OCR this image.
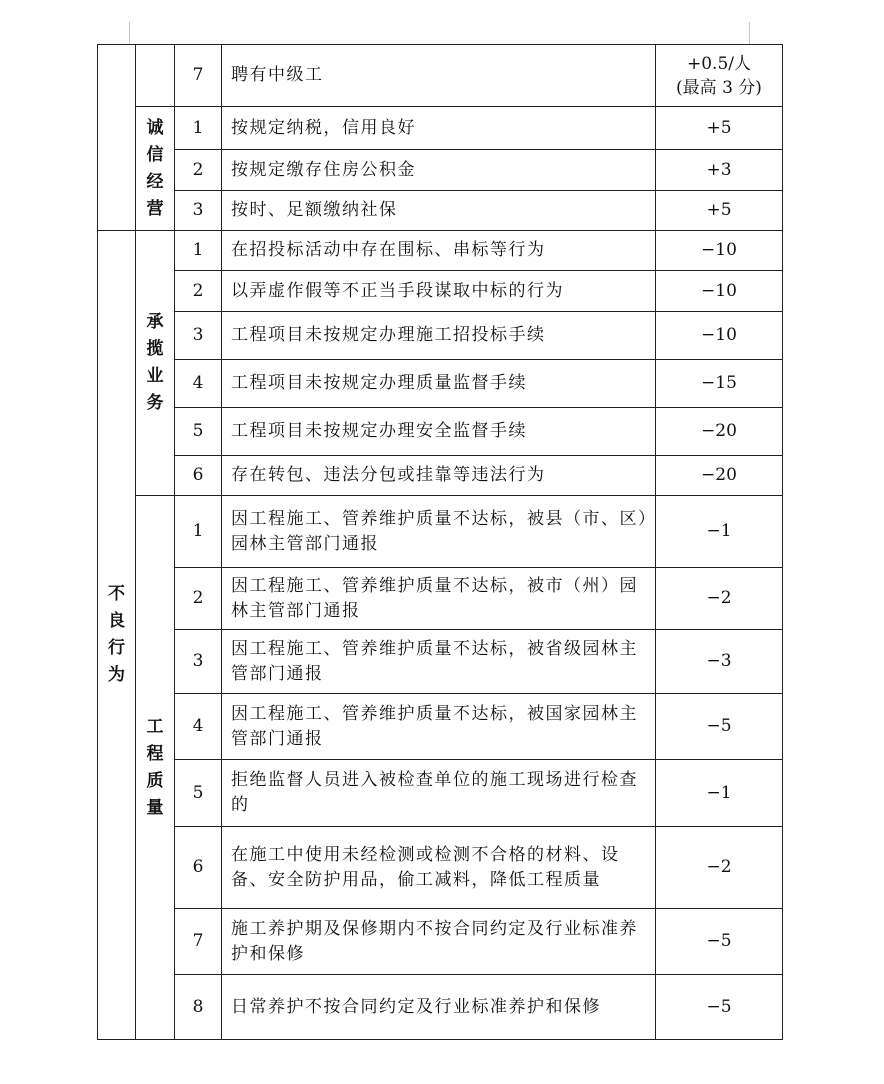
		7	聘有中级工	+0.5/人
(最高 3 分)
	诚信经营	1	按规定纳税，信用良好	+5
		2	按规定缴存住房公积金	+3
		3	按时、足额缴纳社保	+5
不良行为	承揽业务	1	在招投标活动中存在围标、串标等行为	−10
		2	以弄虚作假等不正当手段谋取中标的行为	−10
		3	工程项目未按规定办理施工招投标手续	−10
		4	工程项目未按规定办理质量监督手续	−15
		5	工程项目未按规定办理安全监督手续	−20
		6	存在转包、违法分包或挂靠等违法行为	−20
	工程质量	1	因工程施工、管养维护质量不达标，被县（市、区）园林主管部门通报	−1
		2	因工程施工、管养维护质量不达标，被市（州）园林主管部门通报	−2
		3	因工程施工、管养维护质量不达标，被省级园林主管部门通报	−3
		4	因工程施工、管养维护质量不达标，被国家园林主管部门通报	−5
		5	拒绝监督人员进入被检查单位的施工现场进行检查的	−1
		6	在施工中使用未经检测或检测不合格的材料、设备、安全防护用品，偷工减料，降低工程质量	−2
		7	施工养护期及保修期内不按合同约定及行业标准养护和保修	−5
		8	日常养护不按合同约定及行业标准养护和保修	−5
